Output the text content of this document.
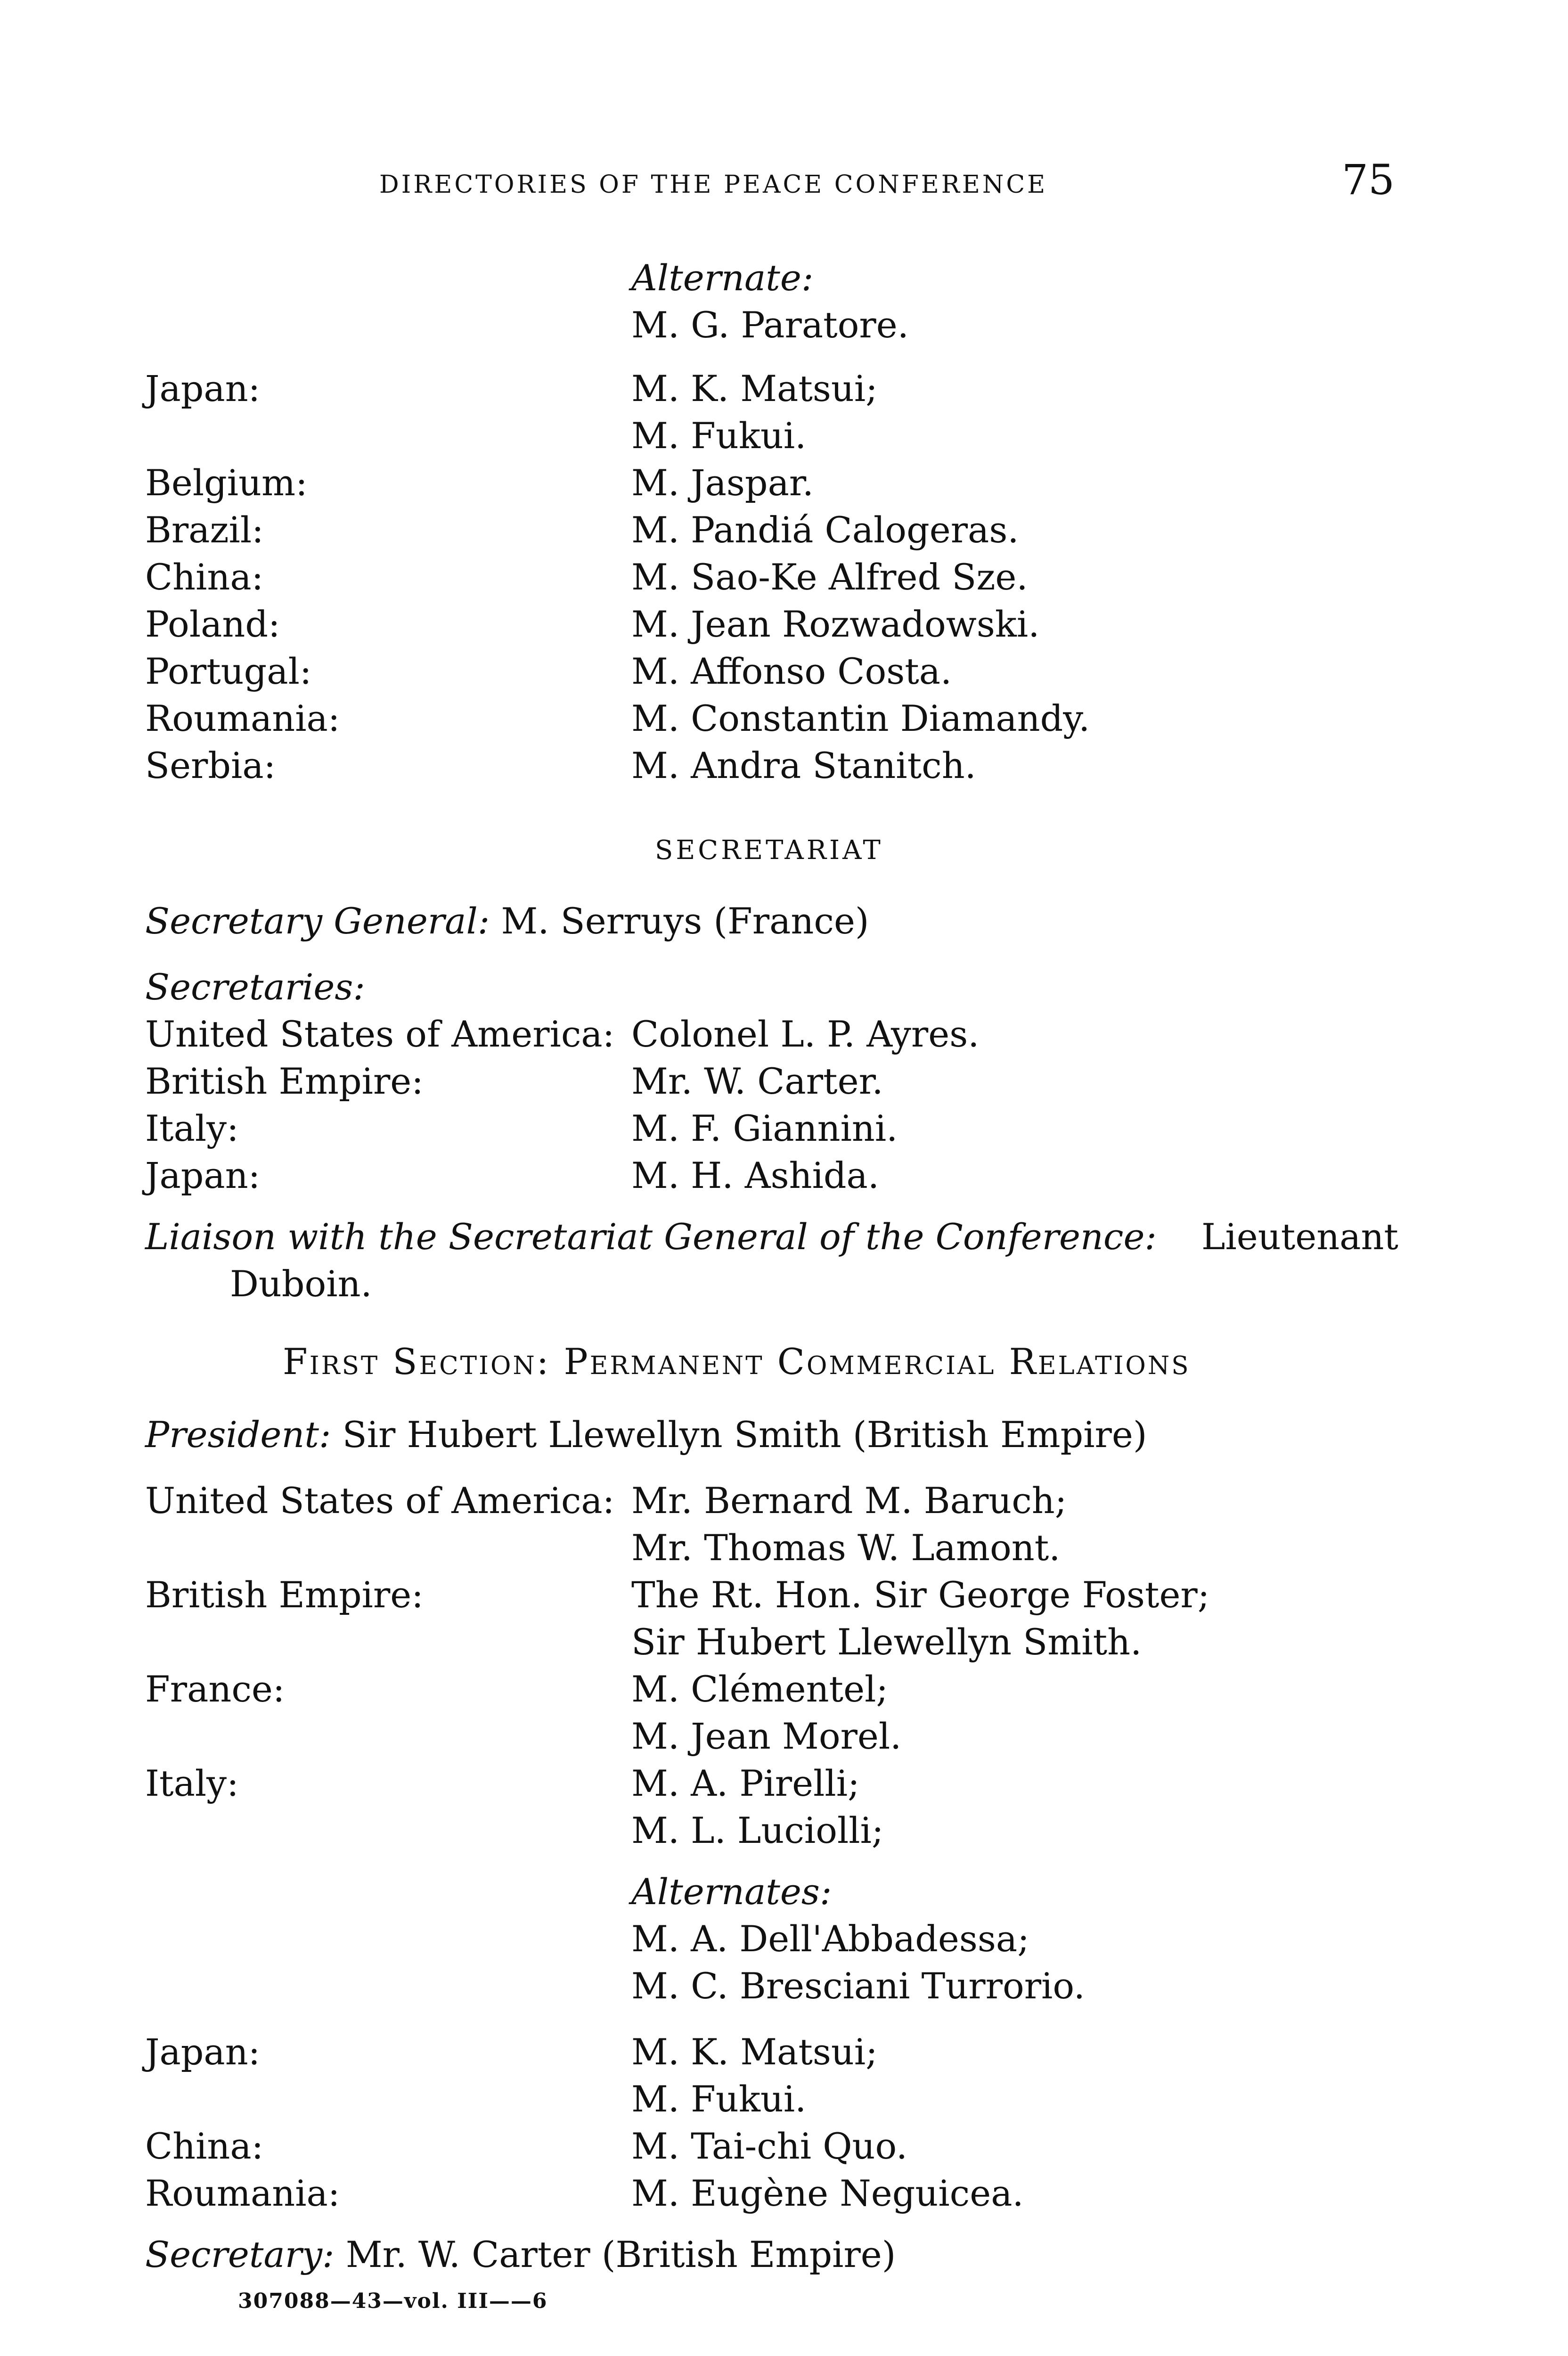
DIRECTORIES OF THE PEACE CONFERENCE	75
Alternate:
M. G. Paratore.
Japan:	M. K. Matsui;
M. Fukui.
Belgium:	M. Jaspar.
Brazil:	M. Pandiá Calogeras.
China:	M. Sao-Ke Alfred Sze.
Poland:	M. Jean Rozwadowski.
Portugal:	M. Affonso Costa.
Roumania:	M. Constantin Diamandy.
Serbia:	M. Andra Stanitch.
SECRETARIAT
Secretary General: M. Serruys (France)
Secretaries:
United States of America: Colonel L. P. Ayres.
British Empire:	Mr. W. Carter.
Italy:	M. F. Giannini.
Japan:	M. H. Ashida.
Liaison with the Secretariat General of the Conference: Lieutenant
Duboin.
First Section: Permanent Commercial Relations
President: Sir Hubert Llewellyn Smith (British Empire)
United States of America: Mr. Bernard M. Baruch;
Mr. Thomas W. Lamont.
British Empire:	The Rt. Hon. Sir George Foster;
Sir Hubert Llewellyn Smith.
France:	M. Clémentel;
M. Jean Morel.
Italy:	M. A. Pirelli;
M. L. Luciolli;
Alternates:
M. A. Dell'Abbadessa;
M. C. Bresciani Turrorio.
Japan:	M. K. Matsui;
M. Fukui.
China:	M. Tai-chi Quo.
Roumania:	M. Eugène Neguicea.
Secretary: Mr. W. Carter (British Empire)
307088—43—vol. III——6
